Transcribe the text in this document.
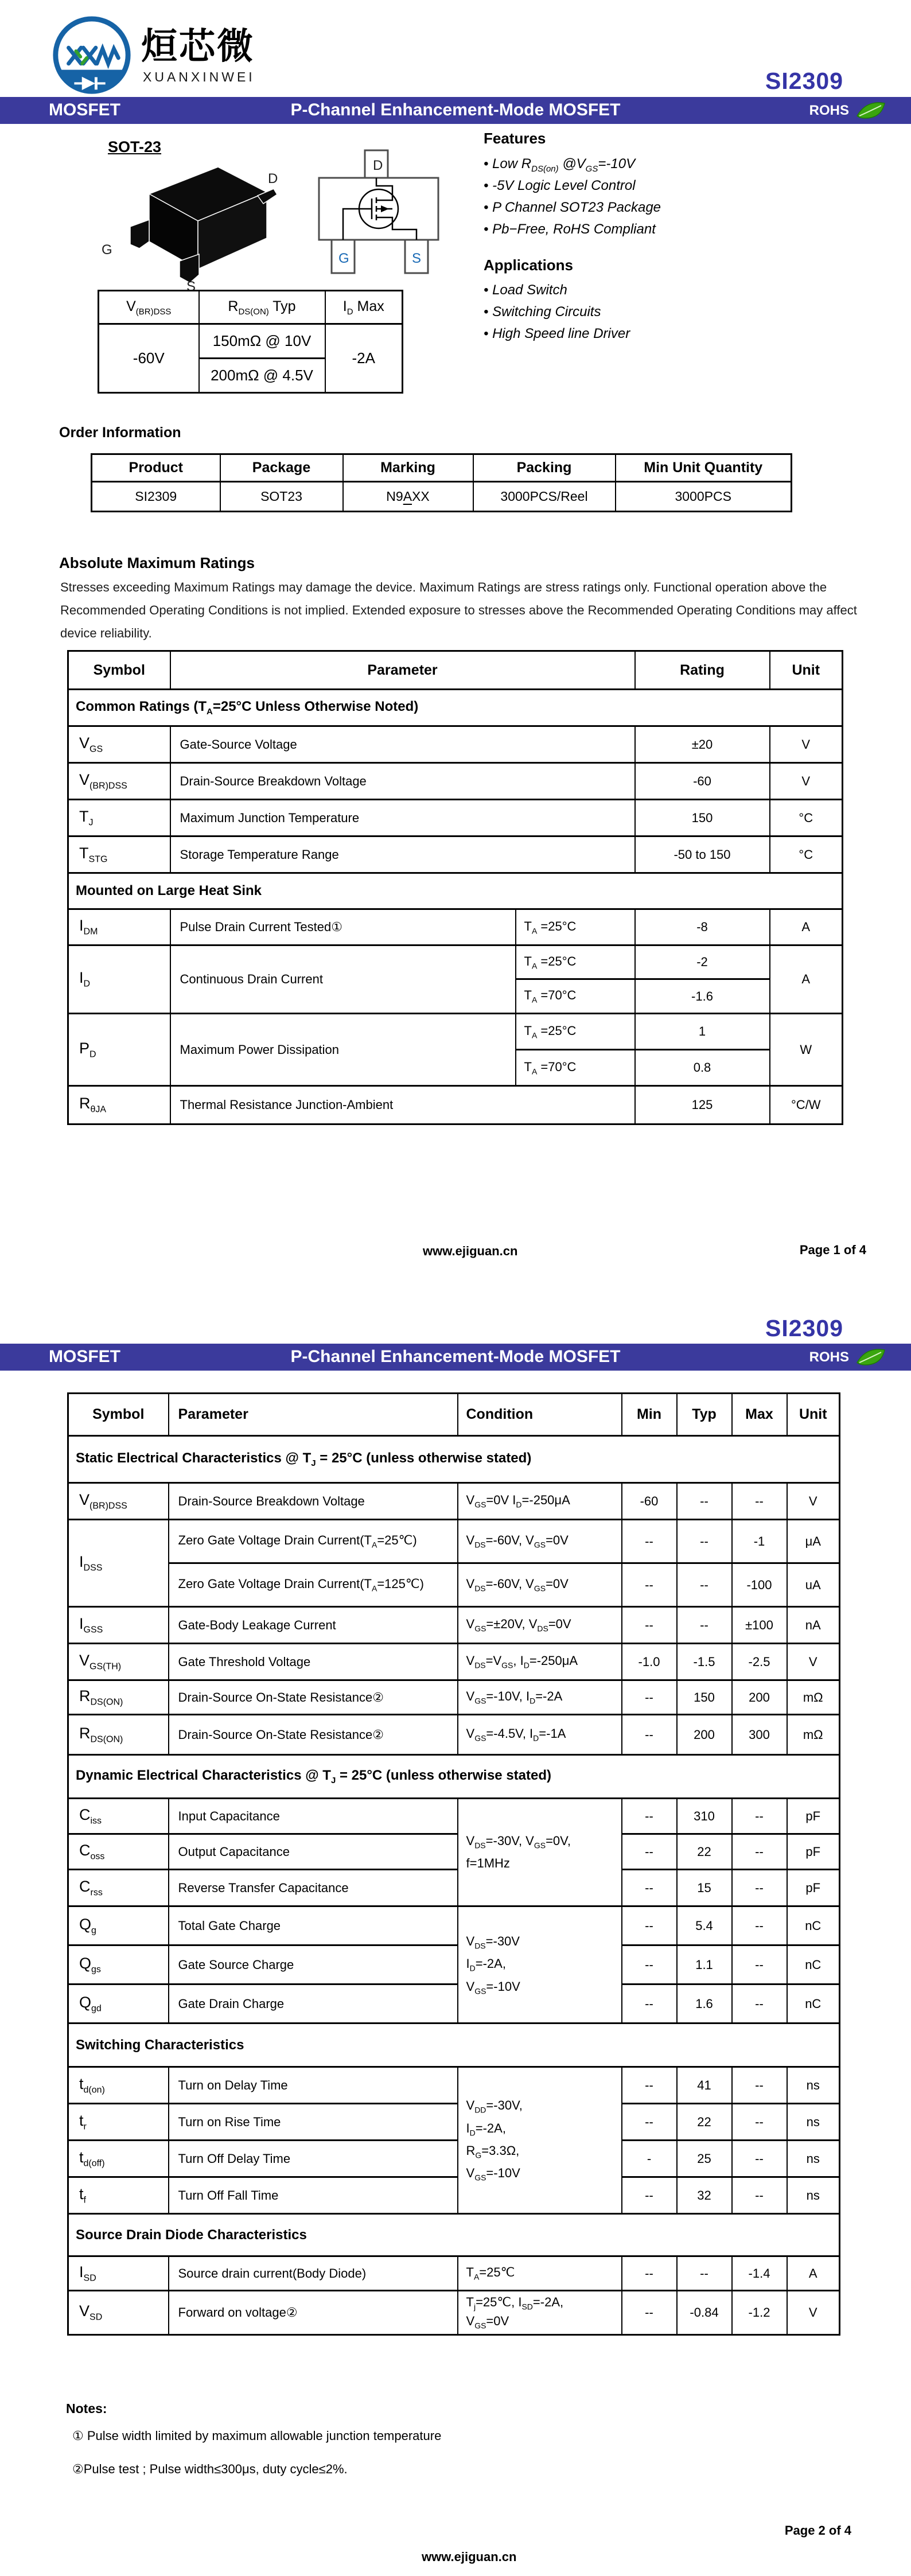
烜芯微
XUANXINWEI	SI2309
MOSFET	P-Channel Enhancement-Mode MOSFET	ROHS
SOT-23
G
D
S
D
G	S
Features
• Low $R_{DS(on)}$ $@V_{GS}=-10V$
• -5V Logic Level Control
• P Channel SOT23 Package
• Pb−Free, RoHS Compliant
Applications
• Load Switch
• Switching Circuits
• High Speed line Driver
$V_{(BR)DSS}$	$R_{DS(ON)}$ Typ	$I_D$ Max
-60V	150mΩ @ 10V	-2A
	200mΩ @ 4.5V	
Order Information
Product	Package	Marking	Packing	Min Unit Quantity
SI2309	SOT23	N9AXX	3000PCS/Reel	3000PCS
Absolute Maximum Ratings
Stresses exceeding Maximum Ratings may damage the device. Maximum Ratings are stress ratings only. Functional operation above the Recommended Operating Conditions is not implied. Extended exposure to stresses above the Recommended Operating Conditions may affect device reliability.
Symbol	Parameter		Rating	Unit
Common Ratings ($T_A=25^\circ C$ Unless Otherwise Noted)				
$V_{GS}$	Gate-Source Voltage		±20	V
$V_{(BR)DSS}$	Drain-Source Breakdown Voltage		-60	V
$T_J$	Maximum Junction Temperature		150	°C
$T_{STG}$	Storage Temperature Range		-50 to 150	°C
Mounted on Large Heat Sink				
$I_{DM}$	Pulse Drain Current Tested①	$T_A =25^\circ C$	-8	A
$I_D$	Continuous Drain Current	$T_A =25^\circ C$	-2	A
		$T_A =70^\circ C$	-1.6	
$P_D$	Maximum Power Dissipation	$T_A =25^\circ C$	1	W
		$T_A =70^\circ C$	0.8	
$R_{\theta JA}$	Thermal Resistance Junction-Ambient		125	°C/W
www.ejiguan.cn	Page 1 of 4
SI2309
MOSFET	P-Channel Enhancement-Mode MOSFET	ROHS
Symbol	Parameter	Condition	Min	Typ	Max	Unit
Static Electrical Characteristics @ $T_J = 25^\circ C$ (unless otherwise stated)						
$V_{(BR)DSS}$	Drain-Source Breakdown Voltage	$V_{GS}=0V$ $I_D=-250\mu A$	-60	--	--	V
$I_{DSS}$	Zero Gate Voltage Drain $Current(T_A=25℃)$	$V_{DS}=-60V$, $V_{GS}=0V$	--	--	-1	μA
	Zero Gate Voltage Drain $Current(T_A=125℃)$	$V_{DS}=-60V$, $V_{GS}=0V$	--	--	-100	uA
$I_{GSS}$	Gate-Body Leakage Current	$V_{GS}=\pm 20V$, $V_{DS}=0V$	--	--	±100	nA
$V_{GS(TH)}$	Gate Threshold Voltage	$V_{DS}=V_{GS}$, $I_D=-250\mu A$	-1.0	-1.5	-2.5	V
$R_{DS(ON)}$	Drain-Source On-State Resistance②	$V_{GS}=-10V$, $I_D=-2A$	--	150	200	mΩ
$R_{DS(ON)}$	Drain-Source On-State Resistance②	$V_{GS}=-4.5V$, $I_D=-1A$	--	200	300	mΩ
Dynamic Electrical Characteristics @ $T_J = 25^\circ C$ (unless otherwise stated)						
$C_{iss}$	Input Capacitance	$V_{DS}=-30V$, $V_{GS}=0V$,
f=1MHz	--	310	--	pF
$C_{oss}$	Output Capacitance		--	22	--	pF
$C_{rss}$	Reverse Transfer Capacitance		--	15	--	pF
$Q_g$	Total Gate Charge	$V_{DS}=-30V$
$I_D=-2A$,
$V_{GS}=-10V$	--	5.4	--	nC
$Q_{gs}$	Gate Source Charge		--	1.1	--	nC
$Q_{gd}$	Gate Drain Charge		--	1.6	--	nC
Switching Characteristics						
$t_{d(on)}$	Turn on Delay Time	$V_{DD}=-30V$,
$I_D=-2A$,
$R_G=3.3\Omega$,
$V_{GS}=-10V$	--	41	--	ns
$t_r$	Turn on Rise Time		--	22	--	ns
$t_{d(off)}$	Turn Off Delay Time		-	25	--	ns
$t_f$	Turn Off Fall Time		--	32	--	ns
Source Drain Diode Characteristics						
$I_{SD}$	Source drain current(Body Diode)	$T_A=25℃$	--	--	-1.4	A
$V_{SD}$	Forward on voltage②	$T_j=25℃$, $I_{SD}=-2A$,
$V_{GS}=0V$	--	-0.84	-1.2	V
Notes:
① Pulse width limited by maximum allowable junction temperature
②Pulse test ; Pulse width≤300μs, duty cycle≤2%.
Page 2 of 4
www.ejiguan.cn
